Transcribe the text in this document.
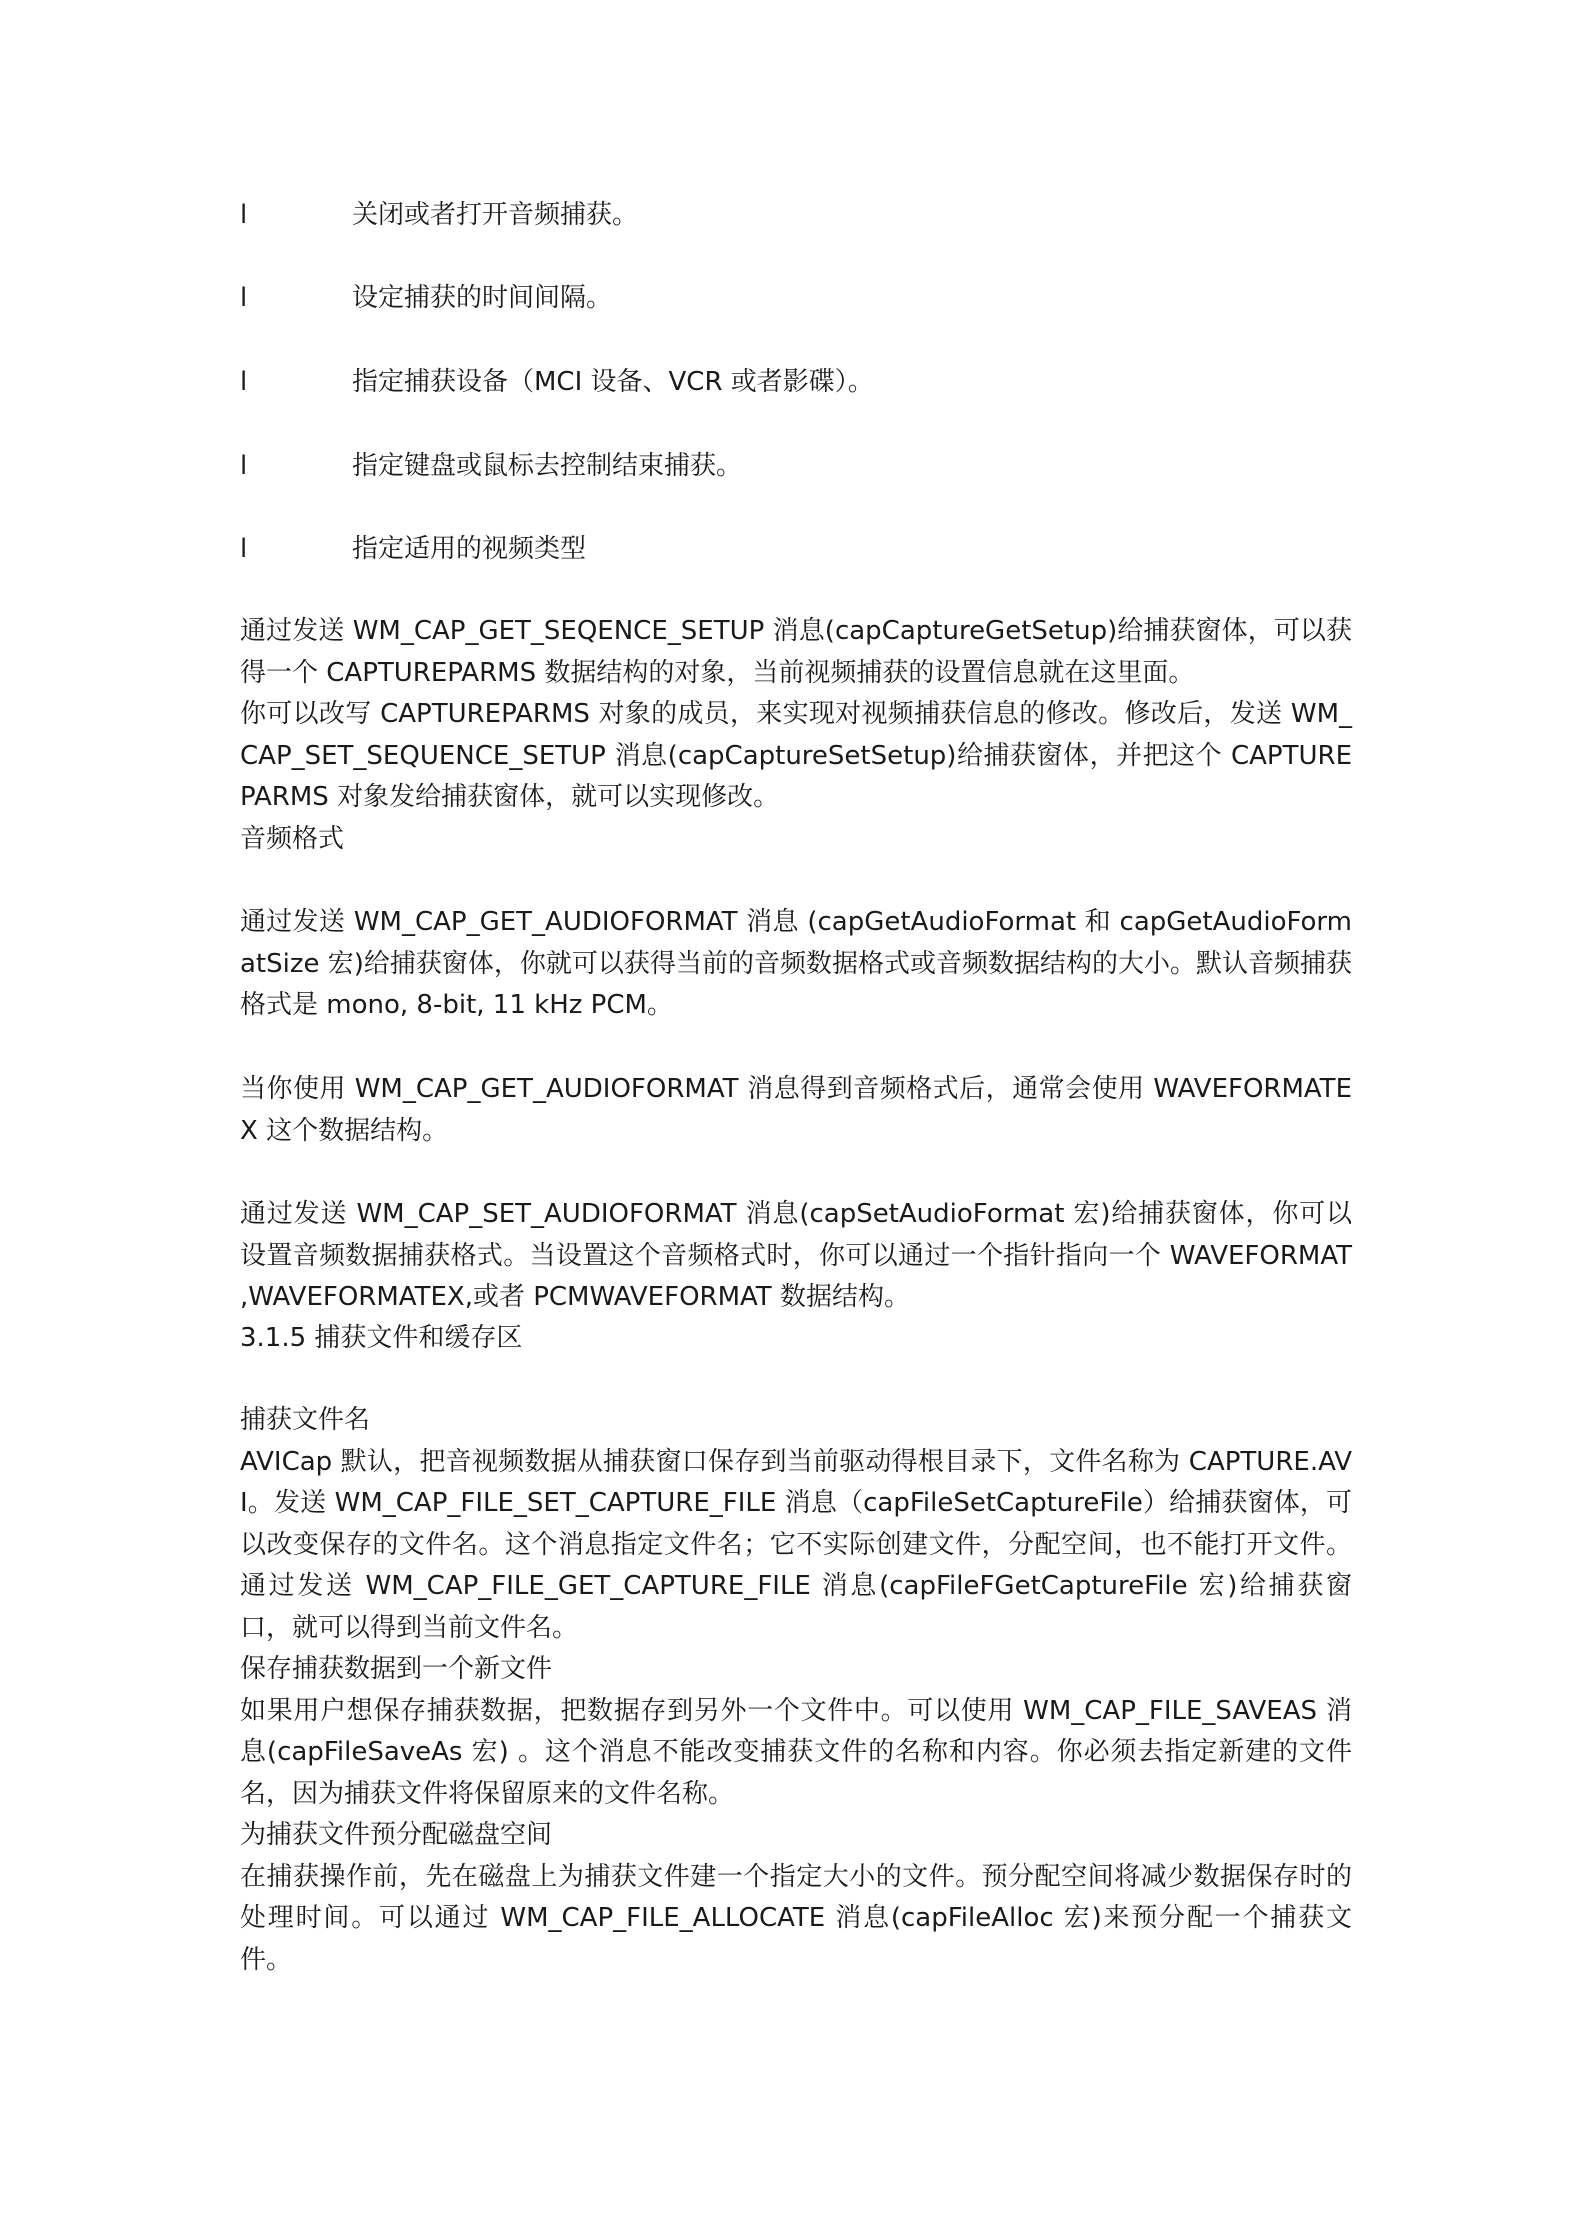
l	关闭或者打开音频捕获。
l	设定捕获的时间间隔。
l	指定捕获设备（MCI 设备、VCR 或者影碟）。
l	指定键盘或鼠标去控制结束捕获。
l	指定适用的视频类型

通过发送 WM_CAP_GET_SEQENCE_SETUP 消息(capCaptureGetSetup)给捕获窗体，可以获得一个 CAPTUREPARMS 数据结构的对象，当前视频捕获的设置信息就在这里面。

你可以改写 CAPTUREPARMS 对象的成员，来实现对视频捕获信息的修改。修改后，发送 WM_CAP_SET_SEQUENCE_SETUP 消息(capCaptureSetSetup)给捕获窗体，并把这个 CAPTUREPARMS 对象发给捕获窗体，就可以实现修改。

音频格式

通过发送 WM_CAP_GET_AUDIOFORMAT 消息 (capGetAudioFormat 和 capGetAudioFormatSize 宏)给捕获窗体，你就可以获得当前的音频数据格式或音频数据结构的大小。默认音频捕获格式是 mono, 8-bit, 11 kHz PCM。
当你使用 WM_CAP_GET_AUDIOFORMAT 消息得到音频格式后，通常会使用 WAVEFORMATEX 这个数据结构。
通过发送 WM_CAP_SET_AUDIOFORMAT 消息(capSetAudioFormat 宏)给捕获窗体，你可以设置音频数据捕获格式。当设置这个音频格式时，你可以通过一个指针指向一个 WAVEFORMAT ,WAVEFORMATEX,或者 PCMWAVEFORMAT 数据结构。
3.1.5 捕获文件和缓存区

捕获文件名

AVICap 默认，把音视频数据从捕获窗口保存到当前驱动得根目录下，文件名称为 CAPTURE.AVI。发送 WM_CAP_FILE_SET_CAPTURE_FILE 消息（capFileSetCaptureFile）给捕获窗体，可以改变保存的文件名。这个消息指定文件名；它不实际创建文件，分配空间，也不能打开文件。通过发送 WM_CAP_FILE_GET_CAPTURE_FILE 消息(capFileFGetCaptureFile 宏)给捕获窗口，就可以得到当前文件名。

保存捕获数据到一个新文件

如果用户想保存捕获数据，把数据存到另外一个文件中。可以使用 WM_CAP_FILE_SAVEAS 消息(capFileSaveAs 宏) 。这个消息不能改变捕获文件的名称和内容。你必须去指定新建的文件名，因为捕获文件将保留原来的文件名称。

为捕获文件预分配磁盘空间

在捕获操作前，先在磁盘上为捕获文件建一个指定大小的文件。预分配空间将减少数据保存时的处理时间。可以通过 WM_CAP_FILE_ALLOCATE 消息(capFileAlloc 宏)来预分配一个捕获文件。
